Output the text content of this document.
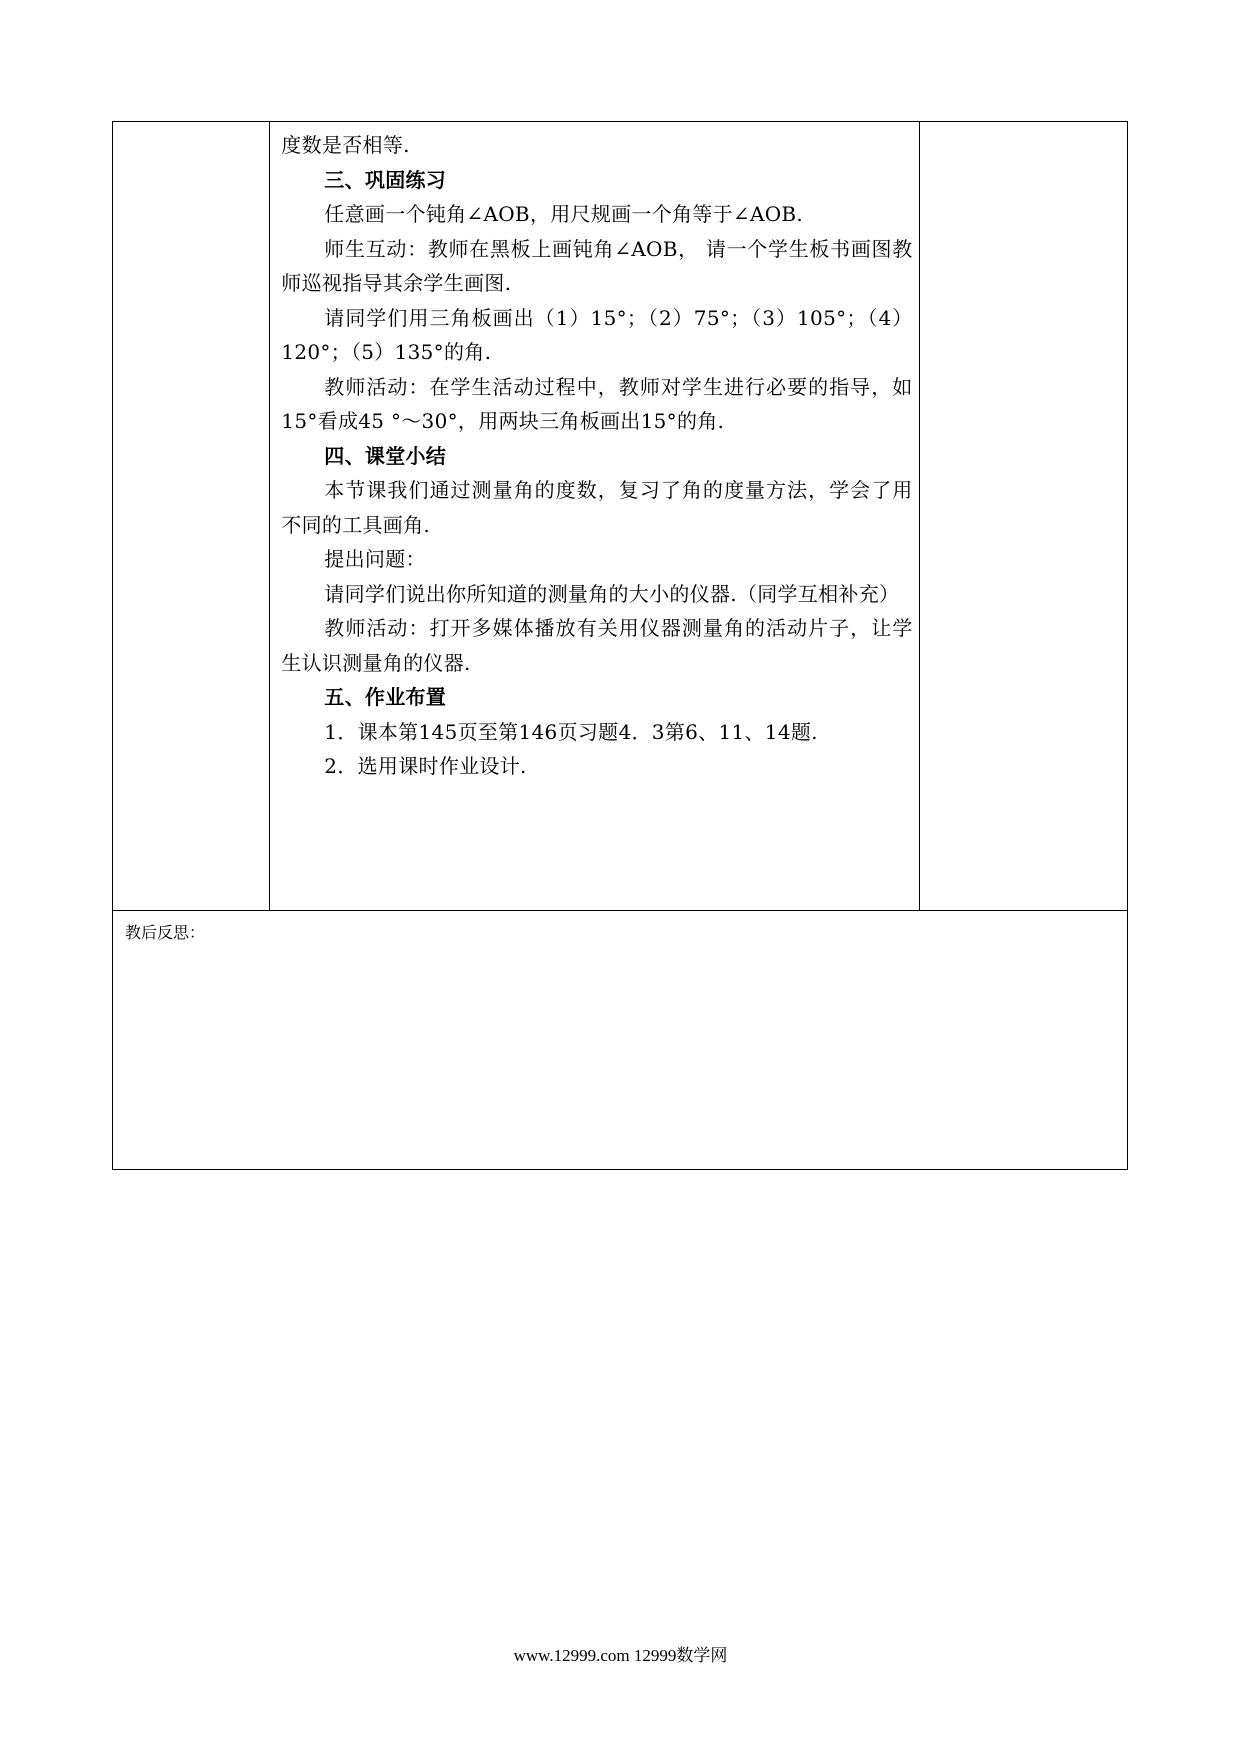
度数是否相等.

三、巩固练习

任意画一个钝角∠AOB，用尺规画一个角等于∠AOB.

师生互动：教师在黑板上画钝角∠AOB， 请一个学生板书画图教师巡视指导其余学生画图.

请同学们用三角板画出（1）15°；（2）75°；（3）105°；（4）120°；（5）135°的角.

教师活动：在学生活动过程中，教师对学生进行必要的指导，如15°看成45 °～30°，用两块三角板画出15°的角.

四、课堂小结

本节课我们通过测量角的度数，复习了角的度量方法，学会了用不同的工具画角.

提出问题：

请同学们说出你所知道的测量角的大小的仪器.（同学互相补充）

教师活动：打开多媒体播放有关用仪器测量角的活动片子，让学生认识测量角的仪器.

五、作业布置

1．课本第145页至第146页习题4．3第6、11、14题.

2．选用课时作业设计.

教后反思：
www.12999.com 12999数学网
